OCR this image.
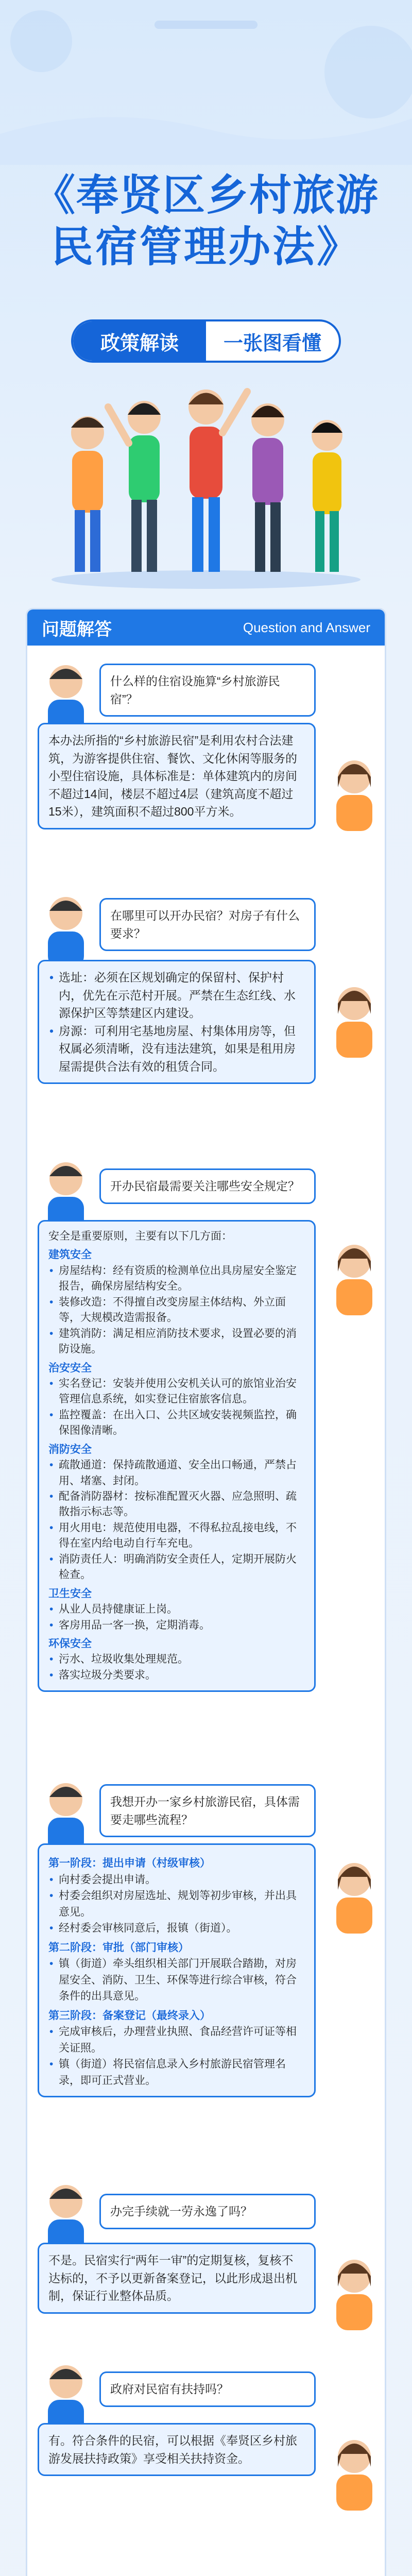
《奉贤区乡村旅游
民宿管理办法》
政策解读	一张图看懂
问题解答	Question and Answer
什么样的住宿设施算“乡村旅游民宿”？
本办法所指的“乡村旅游民宿”是利用农村合法建筑，为游客提供住宿、餐饮、文化休闲等服务的小型住宿设施，具体标准是：单体建筑内的房间不超过14间，楼层不超过4层（建筑高度不超过15米），建筑面积不超过800平方米。
在哪里可以开办民宿？对房子有什么要求？
• 选址：必须在区规划确定的保留村、保护村内，优先在示范村开展。严禁在生态红线、水源保护区等禁建区内建设。
• 房源：可利用宅基地房屋、村集体用房等，但权属必须清晰，没有违法建筑，如果是租用房屋需提供合法有效的租赁合同。
开办民宿最需要关注哪些安全规定？
安全是重要原则，主要有以下几方面：
建筑安全
• 房屋结构：经有资质的检测单位出具房屋安全鉴定报告，确保房屋结构安全。
• 装修改造：不得擅自改变房屋主体结构、外立面等，大规模改造需报备。
• 建筑消防：满足相应消防技术要求，设置必要的消防设施。
治安安全
• 实名登记：安装并使用公安机关认可的旅馆业治安管理信息系统，如实登记住宿旅客信息。
• 监控覆盖：在出入口、公共区域安装视频监控，确保图像清晰。
消防安全
• 疏散通道：保持疏散通道、安全出口畅通，严禁占用、堵塞、封闭。
• 配备消防器材：按标准配置灭火器、应急照明、疏散指示标志等。
• 用火用电：规范使用电器，不得私拉乱接电线，不得在室内给电动自行车充电。
• 消防责任人：明确消防安全责任人，定期开展防火检查。
卫生安全
• 从业人员持健康证上岗。
• 客房用品一客一换，定期消毒。
环保安全
• 污水、垃圾收集处理规范。
• 落实垃圾分类要求。
我想开办一家乡村旅游民宿，具体需要走哪些流程？
第一阶段：提出申请（村级审核）
• 向村委会提出申请。
• 村委会组织对房屋选址、规划等初步审核，并出具意见。
• 经村委会审核同意后，报镇（街道）。
第二阶段：审批（部门审核）
• 镇（街道）牵头组织相关部门开展联合踏勘，对房屋安全、消防、卫生、环保等进行综合审核，符合条件的出具意见。
第三阶段：备案登记（最终录入）
• 完成审核后，办理营业执照、食品经营许可证等相关证照。
• 镇（街道）将民宿信息录入乡村旅游民宿管理名录，即可正式营业。
办完手续就一劳永逸了吗？
不是。民宿实行“两年一审”的定期复核，复核不达标的，不予以更新备案登记，以此形成退出机制，保证行业整体品质。
政府对民宿有扶持吗？
有。符合条件的民宿，可以根据《奉贤区乡村旅游发展扶持政策》享受相关扶持资金。
